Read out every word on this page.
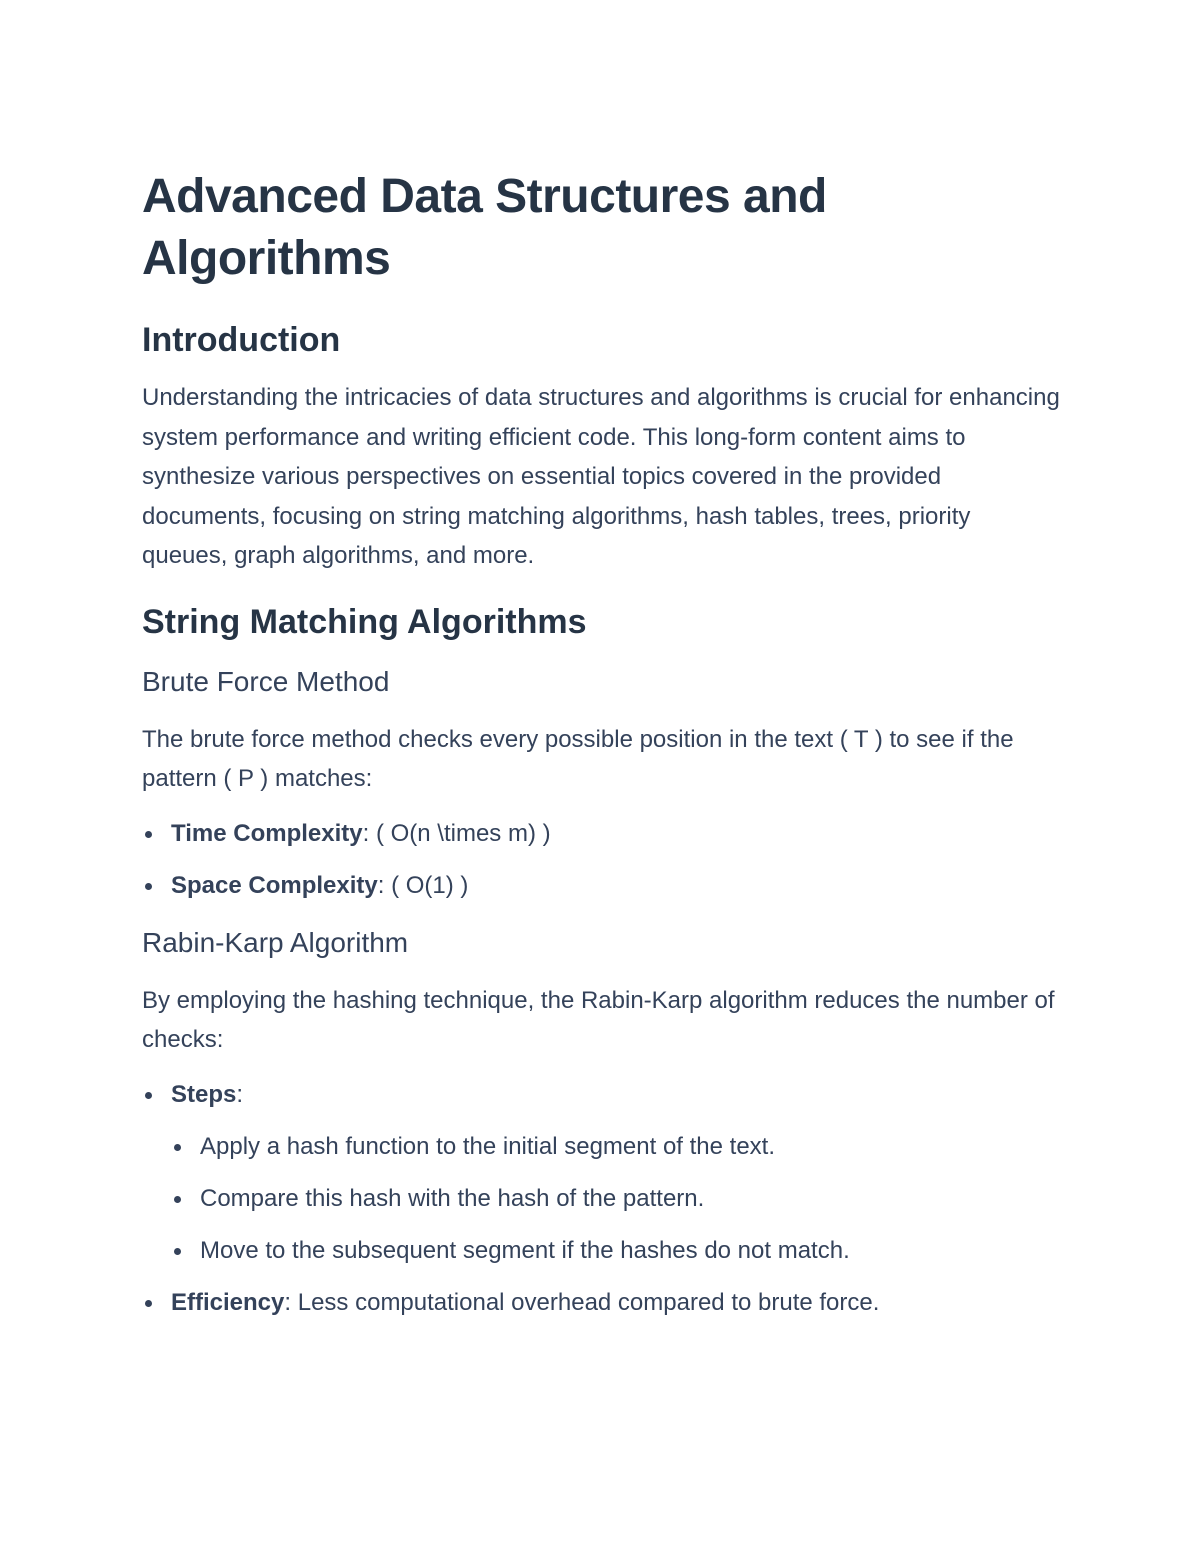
Advanced Data Structures and Algorithms
Introduction

Understanding the intricacies of data structures and algorithms is crucial for enhancing system performance and writing efficient code. This long-form content aims to synthesize various perspectives on essential topics covered in the provided documents, focusing on string matching algorithms, hash tables, trees, priority queues, graph algorithms, and more.

String Matching Algorithms
Brute Force Method

The brute force method checks every possible position in the text ( T ) to see if the pattern ( P ) matches:

Time Complexity: ( O(n \times m) )
Space Complexity: ( O(1) )
Rabin-Karp Algorithm

By employing the hashing technique, the Rabin-Karp algorithm reduces the number of checks:

Steps:
Apply a hash function to the initial segment of the text.
Compare this hash with the hash of the pattern.
Move to the subsequent segment if the hashes do not match.
Efficiency: Less computational overhead compared to brute force.
